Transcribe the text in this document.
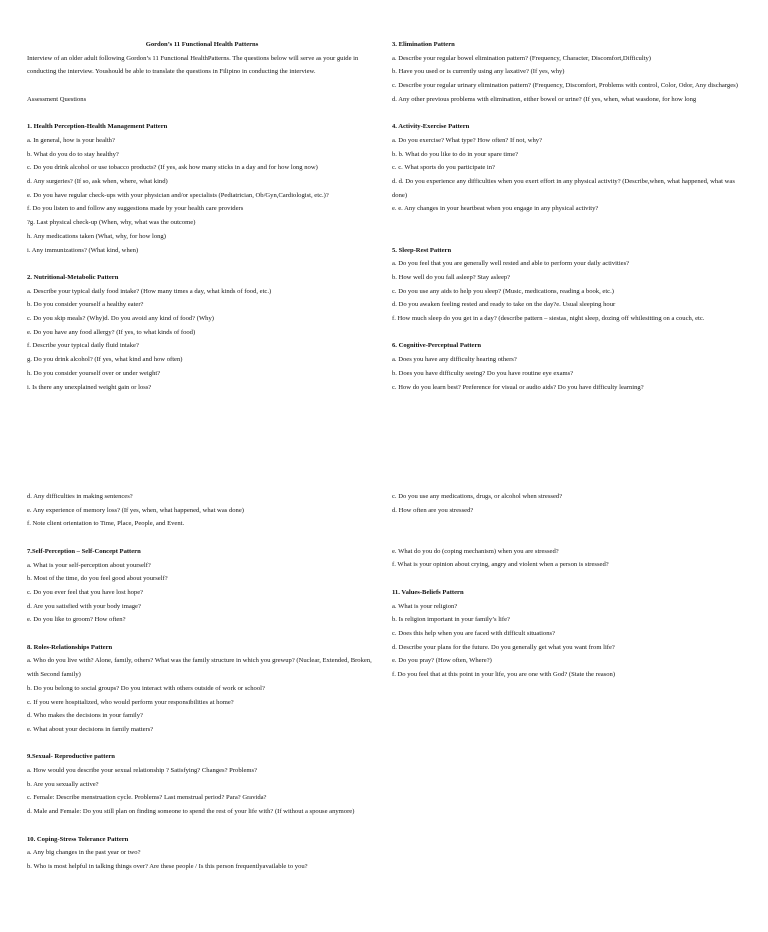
Gordon’s 11 Functional Health Patterns

Interview of an older adult following Gordon’s 11 Functional HealthPatterns. The questions below will serve as your guide in conducting the interview. Youshould be able to translate the questions in Filipino in conducting the interview.

Assessment Questions

1. Health Perception-Health Management Pattern

a. In general, how is your health?

b. What do you do to stay healthy?

c. Do you drink alcohol or use tobacco products? (If yes, ask how many sticks in a day and for how long now)

d. Any surgeries? (If so, ask when, where, what kind)

e. Do you have regular check-ups with your physician and/or specialists (Pediatrician, Ob/Gyn,Cardiologist, etc.)?

f. Do you listen to and follow any suggestions made by your health care providers

?g. Last physical check-up (When, why, what was the outcome)

h. Any medications taken (What, why, for how long)

i. Any immunizations? (What kind, when)

2. Nutritional-Metabolic Pattern

a. Describe your typical daily food intake? (How many times a day, what kinds of food, etc.)

b. Do you consider yourself a healthy eater?

c. Do you skip meals? (Why)d. Do you avoid any kind of food? (Why)

e. Do you have any food allergy? (If yes, to what kinds of food)

f. Describe your typical daily fluid intake?

g. Do you drink alcohol? (If yes, what kind and how often)

h. Do you consider yourself over or under weight?

i. Is there any unexplained weight gain or loss?

3. Elimination Pattern

a. Describe your regular bowel elimination pattern? (Frequency, Character, Discomfort,Difficulty)

b. Have you used or is currently using any laxative? (If yes, why)

c. Describe your regular urinary elimination pattern? (Frequency, Discomfort, Problems with control, Color, Odor, Any discharges)

d. Any other previous problems with elimination, either bowel or urine? (If yes, when, what wasdone, for how long

4. Activity-Exercise Pattern

a. Do you exercise? What type? How often? If not, why?

b. b. What do you like to do in your spare time?

c. c. What sports do you participate in?

d. d. Do you experience any difficulties when you exert effort in any physical activity? (Describe,when, what happened, what was done)

e. e. Any changes in your heartbeat when you engage in any physical activity?

5. Sleep-Rest Pattern

a. Do you feel that you are generally well rested and able to perform your daily activities?

b. How well do you fall asleep? Stay asleep?

c. Do you use any aids to help you sleep? (Music, medications, reading a book, etc.)

d. Do you awaken feeling rested and ready to take on the day?e. Usual sleeping hour

f. How much sleep do you get in a day? (describe pattern – siestas, night sleep, dozing off whilesitting on a couch, etc.

6. Cognitive-Perceptual Pattern

a. Does you have any difficulty hearing others?

b. Does you have difficulty seeing? Do you have routine eye exams?

c. How do you learn best? Preference for visual or audio aids? Do you have difficulty learning?

d. Any difficulties in making sentences?

e. Any experience of memory loss? (If yes, when, what happened, what was done)

f. Note client orientation to Time, Place, People, and Event.

7.Self-Perception – Self-Concept Pattern

a. What is your self-perception about yourself?

b. Most of the time, do you feel good about yourself?

c. Do you ever feel that you have lost hope?

d. Are you satisfied with your body image?

e. Do you like to groom? How often?

8. Roles-Relationships Pattern

a. Who do you live with? Alone, family, others? What was the family structure in which you grewup? (Nuclear, Extended, Broken, with Second family)

b. Do you belong to social groups? Do you interact with others outside of work or school?

c. If you were hospitalized, who would perform your responsibilities at home?

d. Who makes the decisions in your family?

e. What about your decisions in family matters?

9.Sexual- Reproductive pattern

a. How would you describe your sexual relationship ? Satisfying? Changes? Problems?

b. Are you sexually active?

c. Female: Describe menstruation cycle. Problems? Last menstrual period? Para? Gravida?

d. Male and Female: Do you still plan on finding someone to spend the rest of your life with? (If without a spouse anymore)

10. Coping-Stress Tolerance Pattern

a. Any big changes in the past year or two?

b. Who is most helpful in talking things over? Are these people / Is this person frequentlyavailable to you?

c. Do you use any medications, drugs, or alcohol when stressed?

d. How often are you stressed?

e. What do you do (coping mechanism) when you are stressed?

f. What is your opinion about crying, angry and violent when a person is stressed?

11. Values-Beliefs Pattern

a. What is your religion?

b. Is religion important in your family’s life?

c. Does this help when you are faced with difficult situations?

d. Describe your plans for the future. Do you generally get what you want from life?

e. Do you pray? (How often, Where?)

f. Do you feel that at this point in your life, you are one with God? (State the reason)
